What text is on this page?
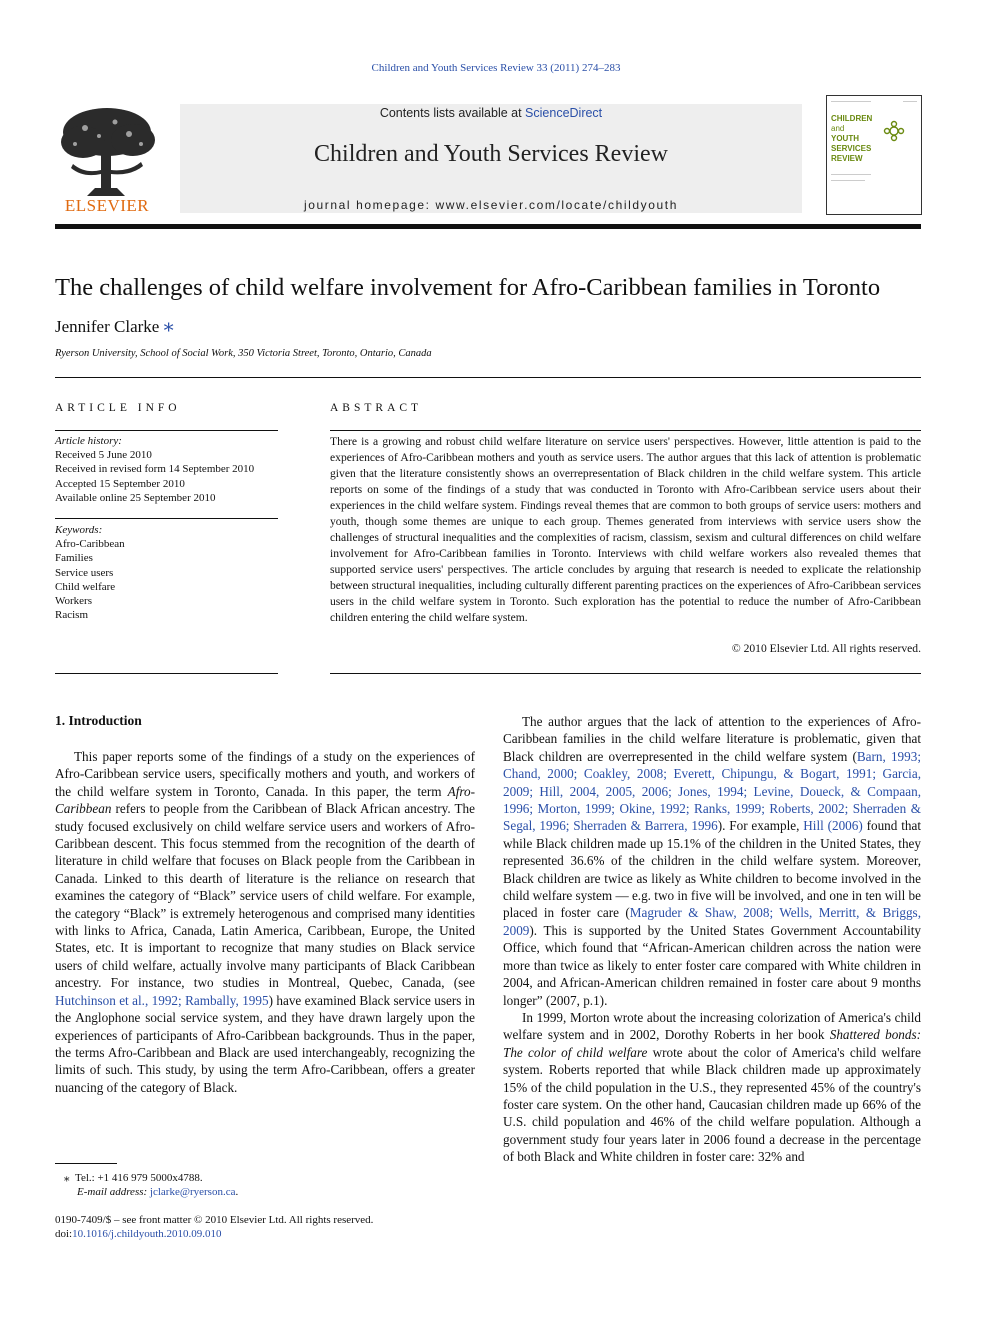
Children and Youth Services Review 33 (2011) 274–283
ELSEVIER
Contents lists available at ScienceDirect
Children and Youth Services Review
journal homepage: www.elsevier.com/locate/childyouth
CHILDREN
and
YOUTH
SERVICES
REVIEW
The challenges of child welfare involvement for Afro-Caribbean families in Toronto
Jennifer Clarke ⁎
Ryerson University, School of Social Work, 350 Victoria Street, Toronto, Ontario, Canada
ARTICLE INFO
Article history:
Received 5 June 2010
Received in revised form 14 September 2010
Accepted 15 September 2010
Available online 25 September 2010
Keywords:
Afro-Caribbean
Families
Service users
Child welfare
Workers
Racism
ABSTRACT
There is a growing and robust child welfare literature on service users' perspectives. However, little attention is paid to the experiences of Afro-Caribbean mothers and youth as service users. The author argues that this lack of attention is problematic given that the literature consistently shows an overrepresentation of Black children in the child welfare system. This article reports on some of the findings of a study that was conducted in Toronto with Afro-Caribbean service users about their experiences in the child welfare system. Findings reveal themes that are common to both groups of service users: mothers and youth, though some themes are unique to each group. Themes generated from interviews with service users show the challenges of structural inequalities and the complexities of racism, classism, sexism and cultural differences on child welfare involvement for Afro-Caribbean families in Toronto. Interviews with child welfare workers also revealed themes that supported service users' perspectives. The article concludes by arguing that research is needed to explicate the relationship between structural inequalities, including culturally different parenting practices on the experiences of Afro-Caribbean services users in the child welfare system in Toronto. Such exploration has the potential to reduce the number of Afro-Caribbean children entering the child welfare system.
© 2010 Elsevier Ltd. All rights reserved.
1. Introduction

This paper reports some of the findings of a study on the experiences of Afro-Caribbean service users, specifically mothers and youth, and workers of the child welfare system in Toronto, Canada. In this paper, the term Afro-Caribbean refers to people from the Caribbean of Black African ancestry. The study focused exclusively on child welfare service users and workers of Afro-Caribbean descent. This focus stemmed from the recognition of the dearth of literature in child welfare that focuses on Black people from the Caribbean in Canada. Linked to this dearth of literature is the reliance on research that examines the category of “Black” service users of child welfare. For example, the category “Black” is extremely heterogenous and comprised many identities with links to Africa, Canada, Latin America, Caribbean, Europe, the United States, etc. It is important to recognize that many studies on Black service users of child welfare, actually involve many participants of Black Caribbean ancestry. For instance, two studies in Montreal, Quebec, Canada, (see Hutchinson et al., 1992; Rambally, 1995) have examined Black service users in the Anglophone social service system, and they have drawn largely upon the experiences of participants of Afro-Caribbean backgrounds. Thus in the paper, the terms Afro-Caribbean and Black are used interchangeably, recognizing the limits of such. This study, by using the term Afro-Caribbean, offers a greater nuancing of the category of Black.

The author argues that the lack of attention to the experiences of Afro-Caribbean families in the child welfare literature is problematic, given that Black children are overrepresented in the child welfare system (Barn, 1993; Chand, 2000; Coakley, 2008; Everett, Chipungu, & Bogart, 1991; Garcia, 2009; Hill, 2004, 2005, 2006; Jones, 1994; Levine, Doueck, & Compaan, 1996; Morton, 1999; Okine, 1992; Ranks, 1999; Roberts, 2002; Sherraden & Segal, 1996; Sherraden & Barrera, 1996). For example, Hill (2006) found that while Black children made up 15.1% of the children in the United States, they represented 36.6% of the children in the child welfare system. Moreover, Black children are twice as likely as White children to become involved in the child welfare system — e.g. two in five will be involved, and one in ten will be placed in foster care (Magruder & Shaw, 2008; Wells, Merritt, & Briggs, 2009). This is supported by the United States Government Accountability Office, which found that “African-American children across the nation were more than twice as likely to enter foster care compared with White children in 2004, and African-American children remained in foster care about 9 months longer” (2007, p.1).

In 1999, Morton wrote about the increasing colorization of America's child welfare system and in 2002, Dorothy Roberts in her book Shattered bonds: The color of child welfare wrote about the color of America's child welfare system. Roberts reported that while Black children made up approximately 15% of the child population in the U.S., they represented 45% of the country's foster care system. On the other hand, Caucasian children made up 66% of the U.S. child population and 46% of the child welfare population. Although a government study four years later in 2006 found a decrease in the percentage of both Black and White children in foster care: 32% and

⁎ Tel.: +1 416 979 5000x4788.
E-mail address: jclarke@ryerson.ca.
0190-7409/$ – see front matter © 2010 Elsevier Ltd. All rights reserved.
doi:10.1016/j.childyouth.2010.09.010
